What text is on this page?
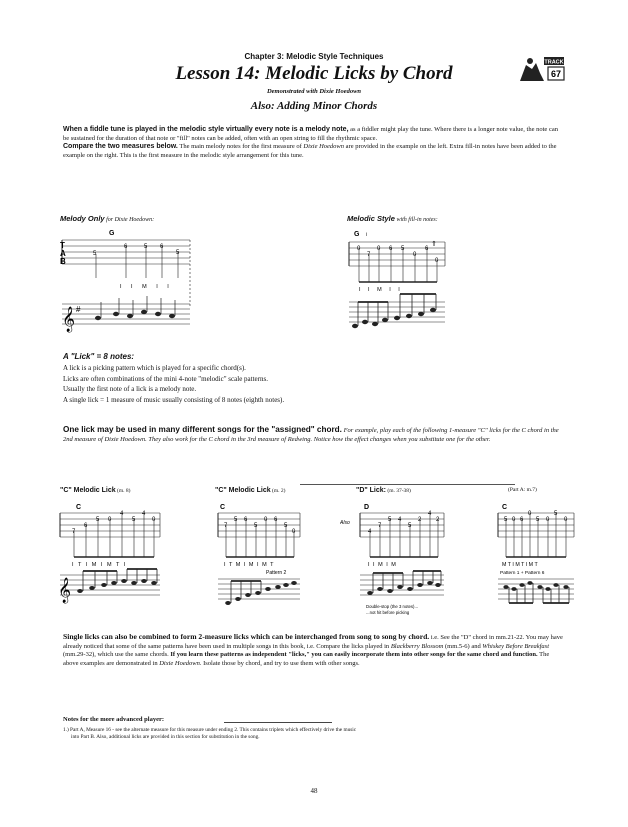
Chapter 3: Melodic Style Techniques
Lesson 14: Melodic Licks by Chord
Demonstrated with Dixie Hoedown
Also: Adding Minor Chords
TRACK
67
When a fiddle tune is played in the melodic style virtually every note is a melody note, as a fiddler might play the tune. Where there is a longer note value, the note can be sustained for the duration of that note or "fill" notes can be added, often with an open string to fill the rhythmic space.
Compare the two measures below. The main melody notes for the first measure of Dixie Hoedown are provided in the example on the left. Extra fill-in notes have been added to the example on the right. This is the first measure in the melodic style arrangement for this tune.
Melody Only for Dixie Hoedown:	Melodic Style with fill-in notes:
G
T
A
B
5
6	5 6
5
I I M I I
𝄞 #
G i
0
7
0 6 5
0
6
0
I I M I I
⇑
A "Lick" = 8 notes:
A lick is a picking pattern which is played for a specific chord(s).
Licks are often combinations of the mini 4-note "melodic" scale patterns.
Usually the first note of a lick is a melody note.
A single lick = 1 measure of music usually consisting of 8 notes (eighth notes).
One lick may be used in many different songs for the "assigned" chord. For example, play each of the following 1-measure "C" licks for the C chord in the 2nd measure of Dixie Hoedown. They also work for the C chord in the 3rd measure of Redwing. Notice how the effect changes when you substitute one for the other.
"C" Melodic Lick (m. 8)	"C" Melodic Lick (m. 2)	"D" Lick: (m. 37-38)	(Part A: m.7)
C
7
6
5 0
4
5
4
0
I T I M I M T I
𝄞
C
7
5 6
5
0 6
5
0
I T M I M I M T
Pattern 2
D
Also
4
7
5 4
5
2
4
2
I I M I M
Double-stop (the 3 notes)...
...not hit before picking
C
5 0 6
0
5 0
5
0
M T I M T I M T
Pattern 1 + Pattern 6
Single licks can also be combined to form 2-measure licks which can be interchanged from song to song by chord. i.e. See the "D" chord in mm.21-22. You may have already noticed that some of the same patterns have been used in multiple songs in this book, i.e. Compare the licks played in Blackberry Blossom (mm.5-6) and Whiskey Before Breakfast (mm.29-32), which use the same chords. If you learn these patterns as independent "licks," you can easily incorporate them into other songs for the same chord and function. The above examples are demonstrated in Dixie Hoedown. Isolate those by chord, and try to use them with other songs.
Notes for the more advanced player:
1.) Part A, Measure 16 - see the alternate measure for this measure under ending 2. This contains triplets which effectively drive the music
into Part B. Also, additional licks are provided in this section for substitution in the song.
48
